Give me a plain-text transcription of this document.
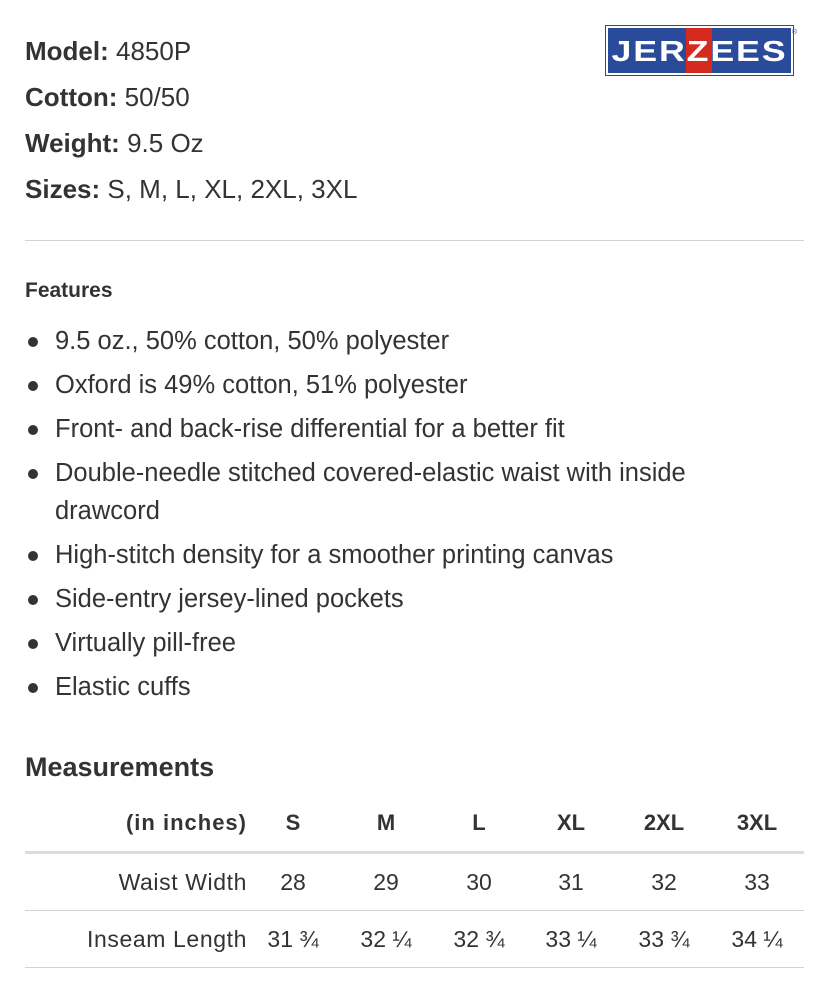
Model: 4850P
Cotton: 50/50
Weight: 9.5 Oz
Sizes: S, M, L, XL, 2XL, 3XL
JERZEES
®
Features
9.5 oz., 50% cotton, 50% polyester
Oxford is 49% cotton, 51% polyester
Front- and back-rise differential for a better fit
Double-needle stitched covered-elastic waist with inside drawcord
High-stitch density for a smoother printing canvas
Side-entry jersey-lined pockets
Virtually pill-free
Elastic cuffs
Measurements
(in inches)	S	M	L	XL	2XL	3XL
Waist Width	28	29	30	31	32	33
Inseam Length 31 ¾	32 ¼	32 ¾	33 ¼	33 ¾	34 ¼
